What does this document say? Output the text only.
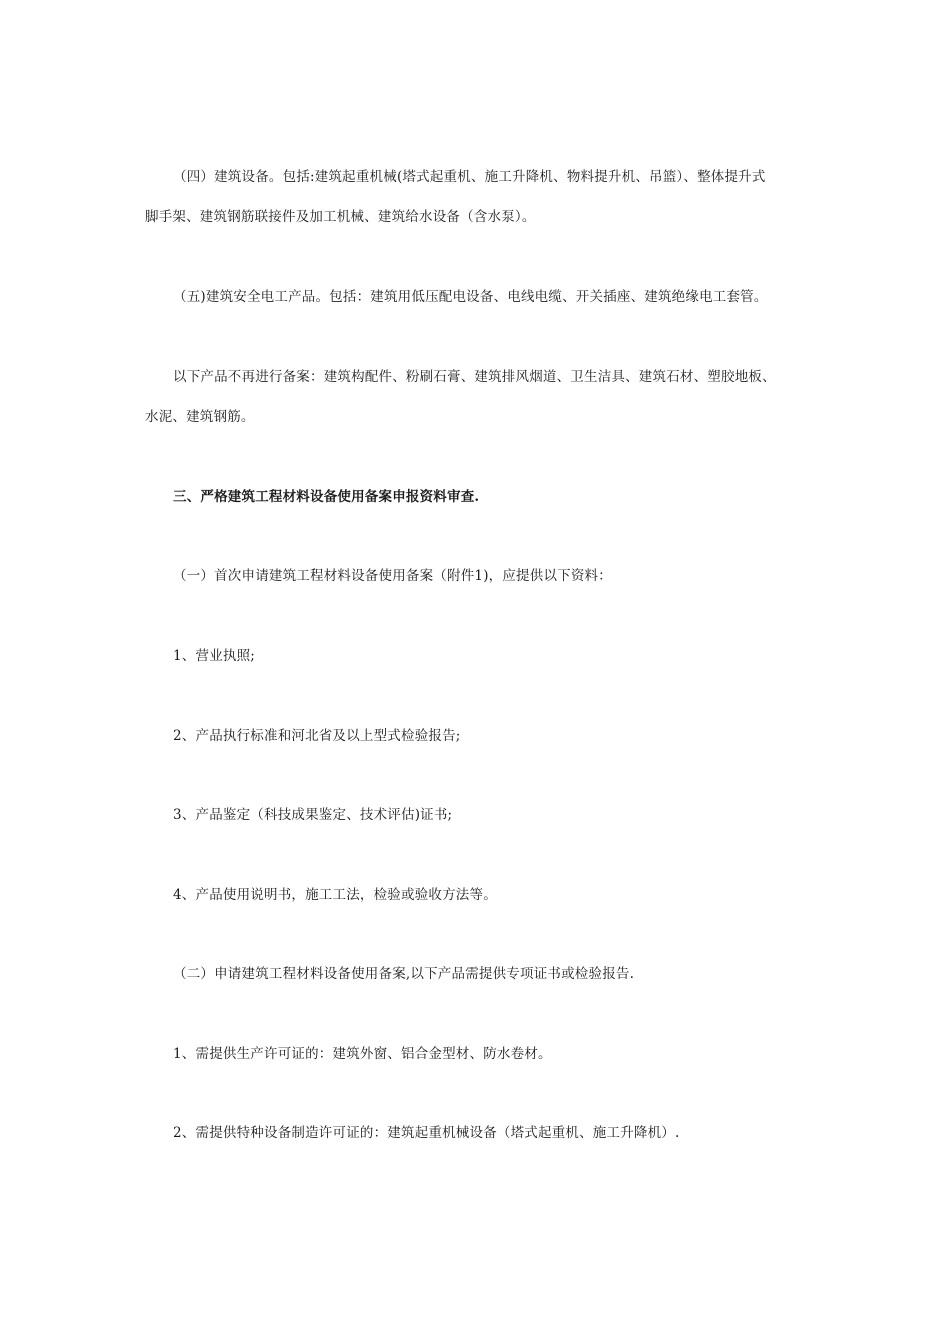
（四）建筑设备。包括:建筑起重机械(塔式起重机、施工升降机、物料提升机、吊篮）、整体提升式
脚手架、建筑钢筋联接件及加工机械、建筑给水设备（含水泵）。
（五)建筑安全电工产品。包括：建筑用低压配电设备、电线电缆、开关插座、建筑绝缘电工套管。
以下产品不再进行备案：建筑构配件、粉刷石膏、建筑排风烟道、卫生洁具、建筑石材、塑胶地板、
水泥、建筑钢筋。
三、严格建筑工程材料设备使用备案申报资料审查.
（一）首次申请建筑工程材料设备使用备案（附件1)，应提供以下资料：
1、营业执照;
2、产品执行标准和河北省及以上型式检验报告;
3、产品鉴定（科技成果鉴定、技术评估)证书;
4、产品使用说明书，施工工法，检验或验收方法等。
（二）申请建筑工程材料设备使用备案,以下产品需提供专项证书或检验报告.
1、需提供生产许可证的：建筑外窗、铝合金型材、防水卷材。
2、需提供特种设备制造许可证的：建筑起重机械设备（塔式起重机、施工升降机）.
